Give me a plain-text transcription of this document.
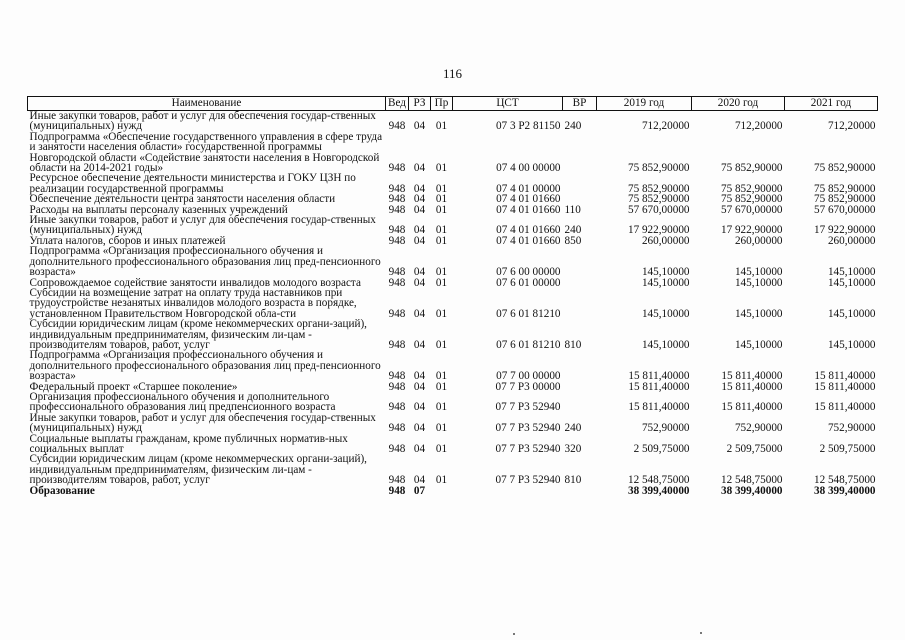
116
Наименование	Вед	РЗ	Пр	ЦСТ	ВР	2019 год	2020 год	2021 год
Иные закупки товаров, работ и услуг для обеспечения государ-ственных (муниципальных) нужд	948	04	01	07 3 P2 81150	240	712,20000	712,20000	712,20000
Подпрограмма «Обеспечение государственного управления в сфере труда и занятости населения области» государственной программы Новгородской области «Содействие занятости населения в Новгородской области на 2014-2021 годы»	948	04	01	07 4 00 00000		75 852,90000	75 852,90000	75 852,90000
Ресурсное обеспечение деятельности министерства и ГОКУ ЦЗН по реализации государственной программы	948	04	01	07 4 01 00000		75 852,90000	75 852,90000	75 852,90000
Обеспечение деятельности центра занятости населения области	948	04	01	07 4 01 01660		75 852,90000	75 852,90000	75 852,90000
Расходы на выплаты персоналу казенных учреждений	948	04	01	07 4 01 01660	110	57 670,00000	57 670,00000	57 670,00000
Иные закупки товаров, работ и услуг для обеспечения государ-ственных (муниципальных) нужд	948	04	01	07 4 01 01660	240	17 922,90000	17 922,90000	17 922,90000
Уплата налогов, сборов и иных платежей	948	04	01	07 4 01 01660	850	260,00000	260,00000	260,00000
Подпрограмма «Организация профессионального обучения и дополнительного профессионального образования лиц пред-пенсионного возраста»	948	04	01	07 6 00 00000		145,10000	145,10000	145,10000
Сопровождаемое содействие занятости инвалидов молодого возраста	948	04	01	07 6 01 00000		145,10000	145,10000	145,10000
Субсидии на возмещение затрат на оплату труда наставников при трудоустройстве незанятых инвалидов молодого возраста в порядке, установленном Правительством Новгородской обла-сти	948	04	01	07 6 01 81210		145,10000	145,10000	145,10000
Субсидии юридическим лицам (кроме некоммерческих органи-заций), индивидуальным предпринимателям, физическим ли-цам - производителям товаров, работ, услуг	948	04	01	07 6 01 81210	810	145,10000	145,10000	145,10000
Подпрограмма «Организация профессионального обучения и дополнительного профессионального образования лиц пред-пенсионного возраста»	948	04	01	07 7 00 00000		15 811,40000	15 811,40000	15 811,40000
Федеральный проект «Старшее поколение»	948	04	01	07 7 P3 00000		15 811,40000	15 811,40000	15 811,40000
Организация профессионального обучения и дополнительного профессионального образования лиц предпенсионного возраста	948	04	01	07 7 P3 52940		15 811,40000	15 811,40000	15 811,40000
Иные закупки товаров, работ и услуг для обеспечения государ-ственных (муниципальных) нужд	948	04	01	07 7 P3 52940	240	752,90000	752,90000	752,90000
Социальные выплаты гражданам, кроме публичных норматив-ных социальных выплат	948	04	01	07 7 P3 52940	320	2 509,75000	2 509,75000	2 509,75000
Субсидии юридическим лицам (кроме некоммерческих органи-заций), индивидуальным предпринимателям, физическим ли-цам - производителям товаров, работ, услуг	948	04	01	07 7 P3 52940	810	12 548,75000	12 548,75000	12 548,75000
Образование	948	07				38 399,40000	38 399,40000	38 399,40000
